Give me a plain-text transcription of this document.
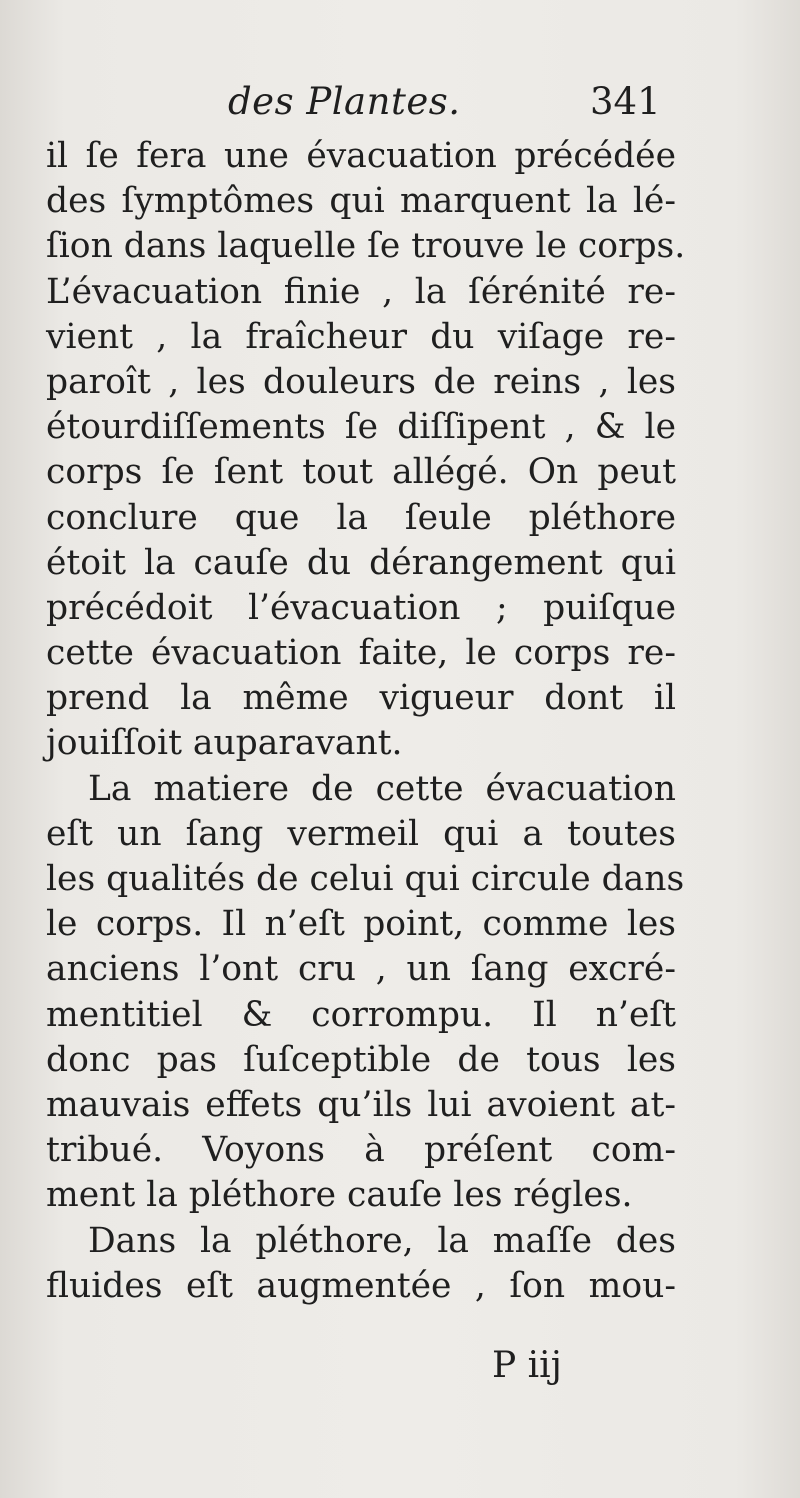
des Plantes.	341
il ſe fera une évacuation précédée
des ſymptômes qui marquent la lé-
ſion dans laquelle ſe trouve le corps.
L’évacuation finie , la ſérénité re-
vient , la fraîcheur du viſage re-
paroît , les douleurs de reins , les
étourdiſſements ſe diſſipent , & le
corps ſe ſent tout allégé. On peut
conclure que la ſeule pléthore
étoit la cauſe du dérangement qui
précédoit l’évacuation ; puiſque
cette évacuation faite, le corps re-
prend la même vigueur dont il
jouiſſoit auparavant.
La matiere de cette évacuation
eſt un ſang vermeil qui a toutes
les qualités de celui qui circule dans
le corps. Il n’eſt point, comme les
anciens l’ont cru , un ſang excré-
mentitiel & corrompu. Il n’eſt
donc pas ſuſceptible de tous les
mauvais effets qu’ils lui avoient at-
tribué. Voyons à préſent com-
ment la pléthore cauſe les régles.
Dans la pléthore, la maſſe des
fluides eſt augmentée , ſon mou-
P iij
